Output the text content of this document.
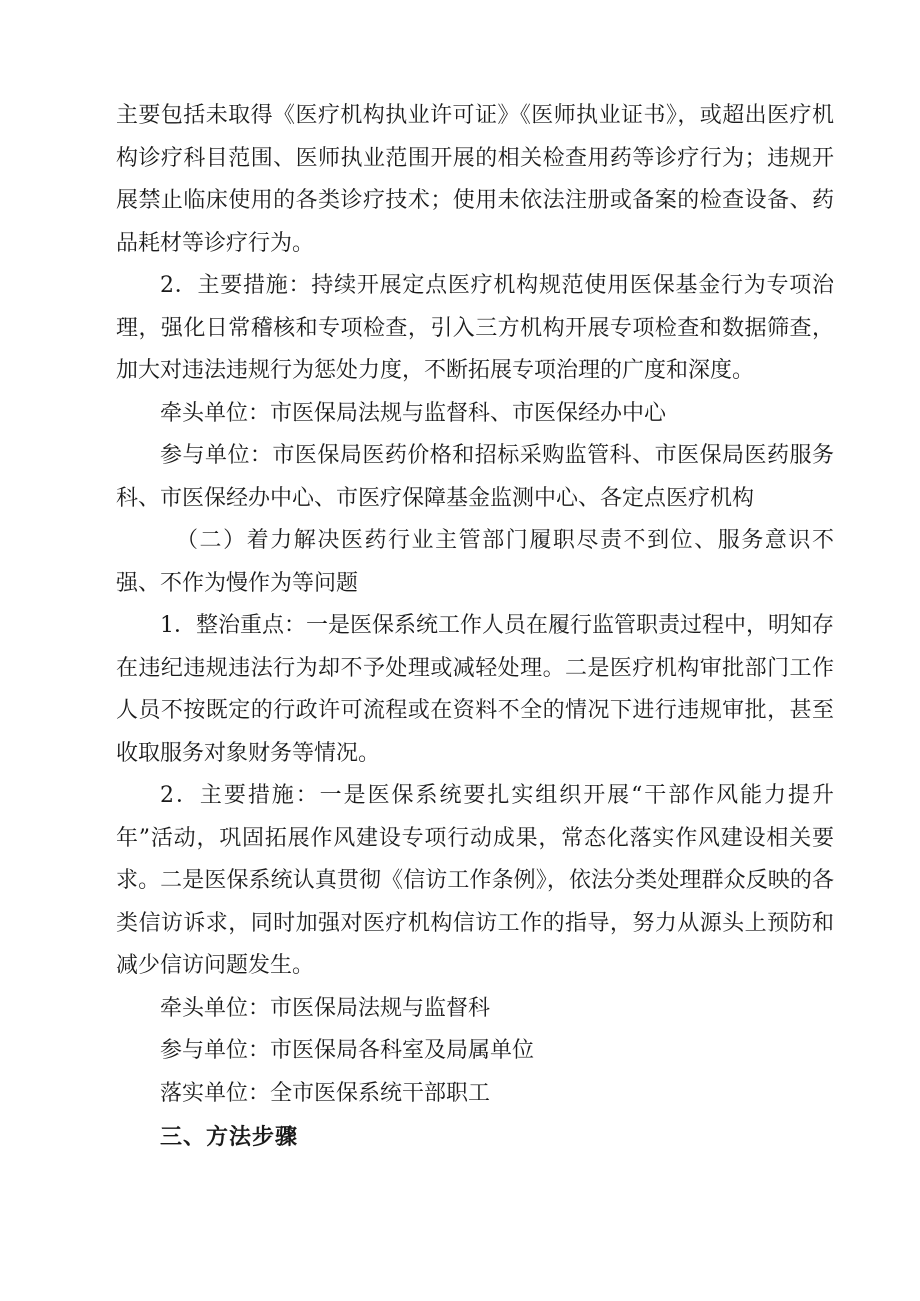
主要包括未取得《医疗机构执业许可证》《医师执业证书》，或超出医疗机构诊疗科目范围、医师执业范围开展的相关检查用药等诊疗行为；违规开展禁止临床使用的各类诊疗技术；使用未依法注册或备案的检查设备、药品耗材等诊疗行为。

2．主要措施：持续开展定点医疗机构规范使用医保基金行为专项治理，强化日常稽核和专项检查，引入三方机构开展专项检查和数据筛查，加大对违法违规行为惩处力度，不断拓展专项治理的广度和深度。

牵头单位：市医保局法规与监督科、市医保经办中心

参与单位：市医保局医药价格和招标采购监管科、市医保局医药服务科、市医保经办中心、市医疗保障基金监测中心、各定点医疗机构

（二）着力解决医药行业主管部门履职尽责不到位、服务意识不强、不作为慢作为等问题

1．整治重点：一是医保系统工作人员在履行监管职责过程中，明知存在违纪违规违法行为却不予处理或减轻处理。二是医疗机构审批部门工作人员不按既定的行政许可流程或在资料不全的情况下进行违规审批，甚至收取服务对象财务等情况。

2．主要措施：一是医保系统要扎实组织开展“干部作风能力提升年”活动，巩固拓展作风建设专项行动成果，常态化落实作风建设相关要求。二是医保系统认真贯彻《信访工作条例》，依法分类处理群众反映的各类信访诉求，同时加强对医疗机构信访工作的指导，努力从源头上预防和减少信访问题发生。

牵头单位：市医保局法规与监督科

参与单位：市医保局各科室及局属单位

落实单位：全市医保系统干部职工

三、方法步骤
